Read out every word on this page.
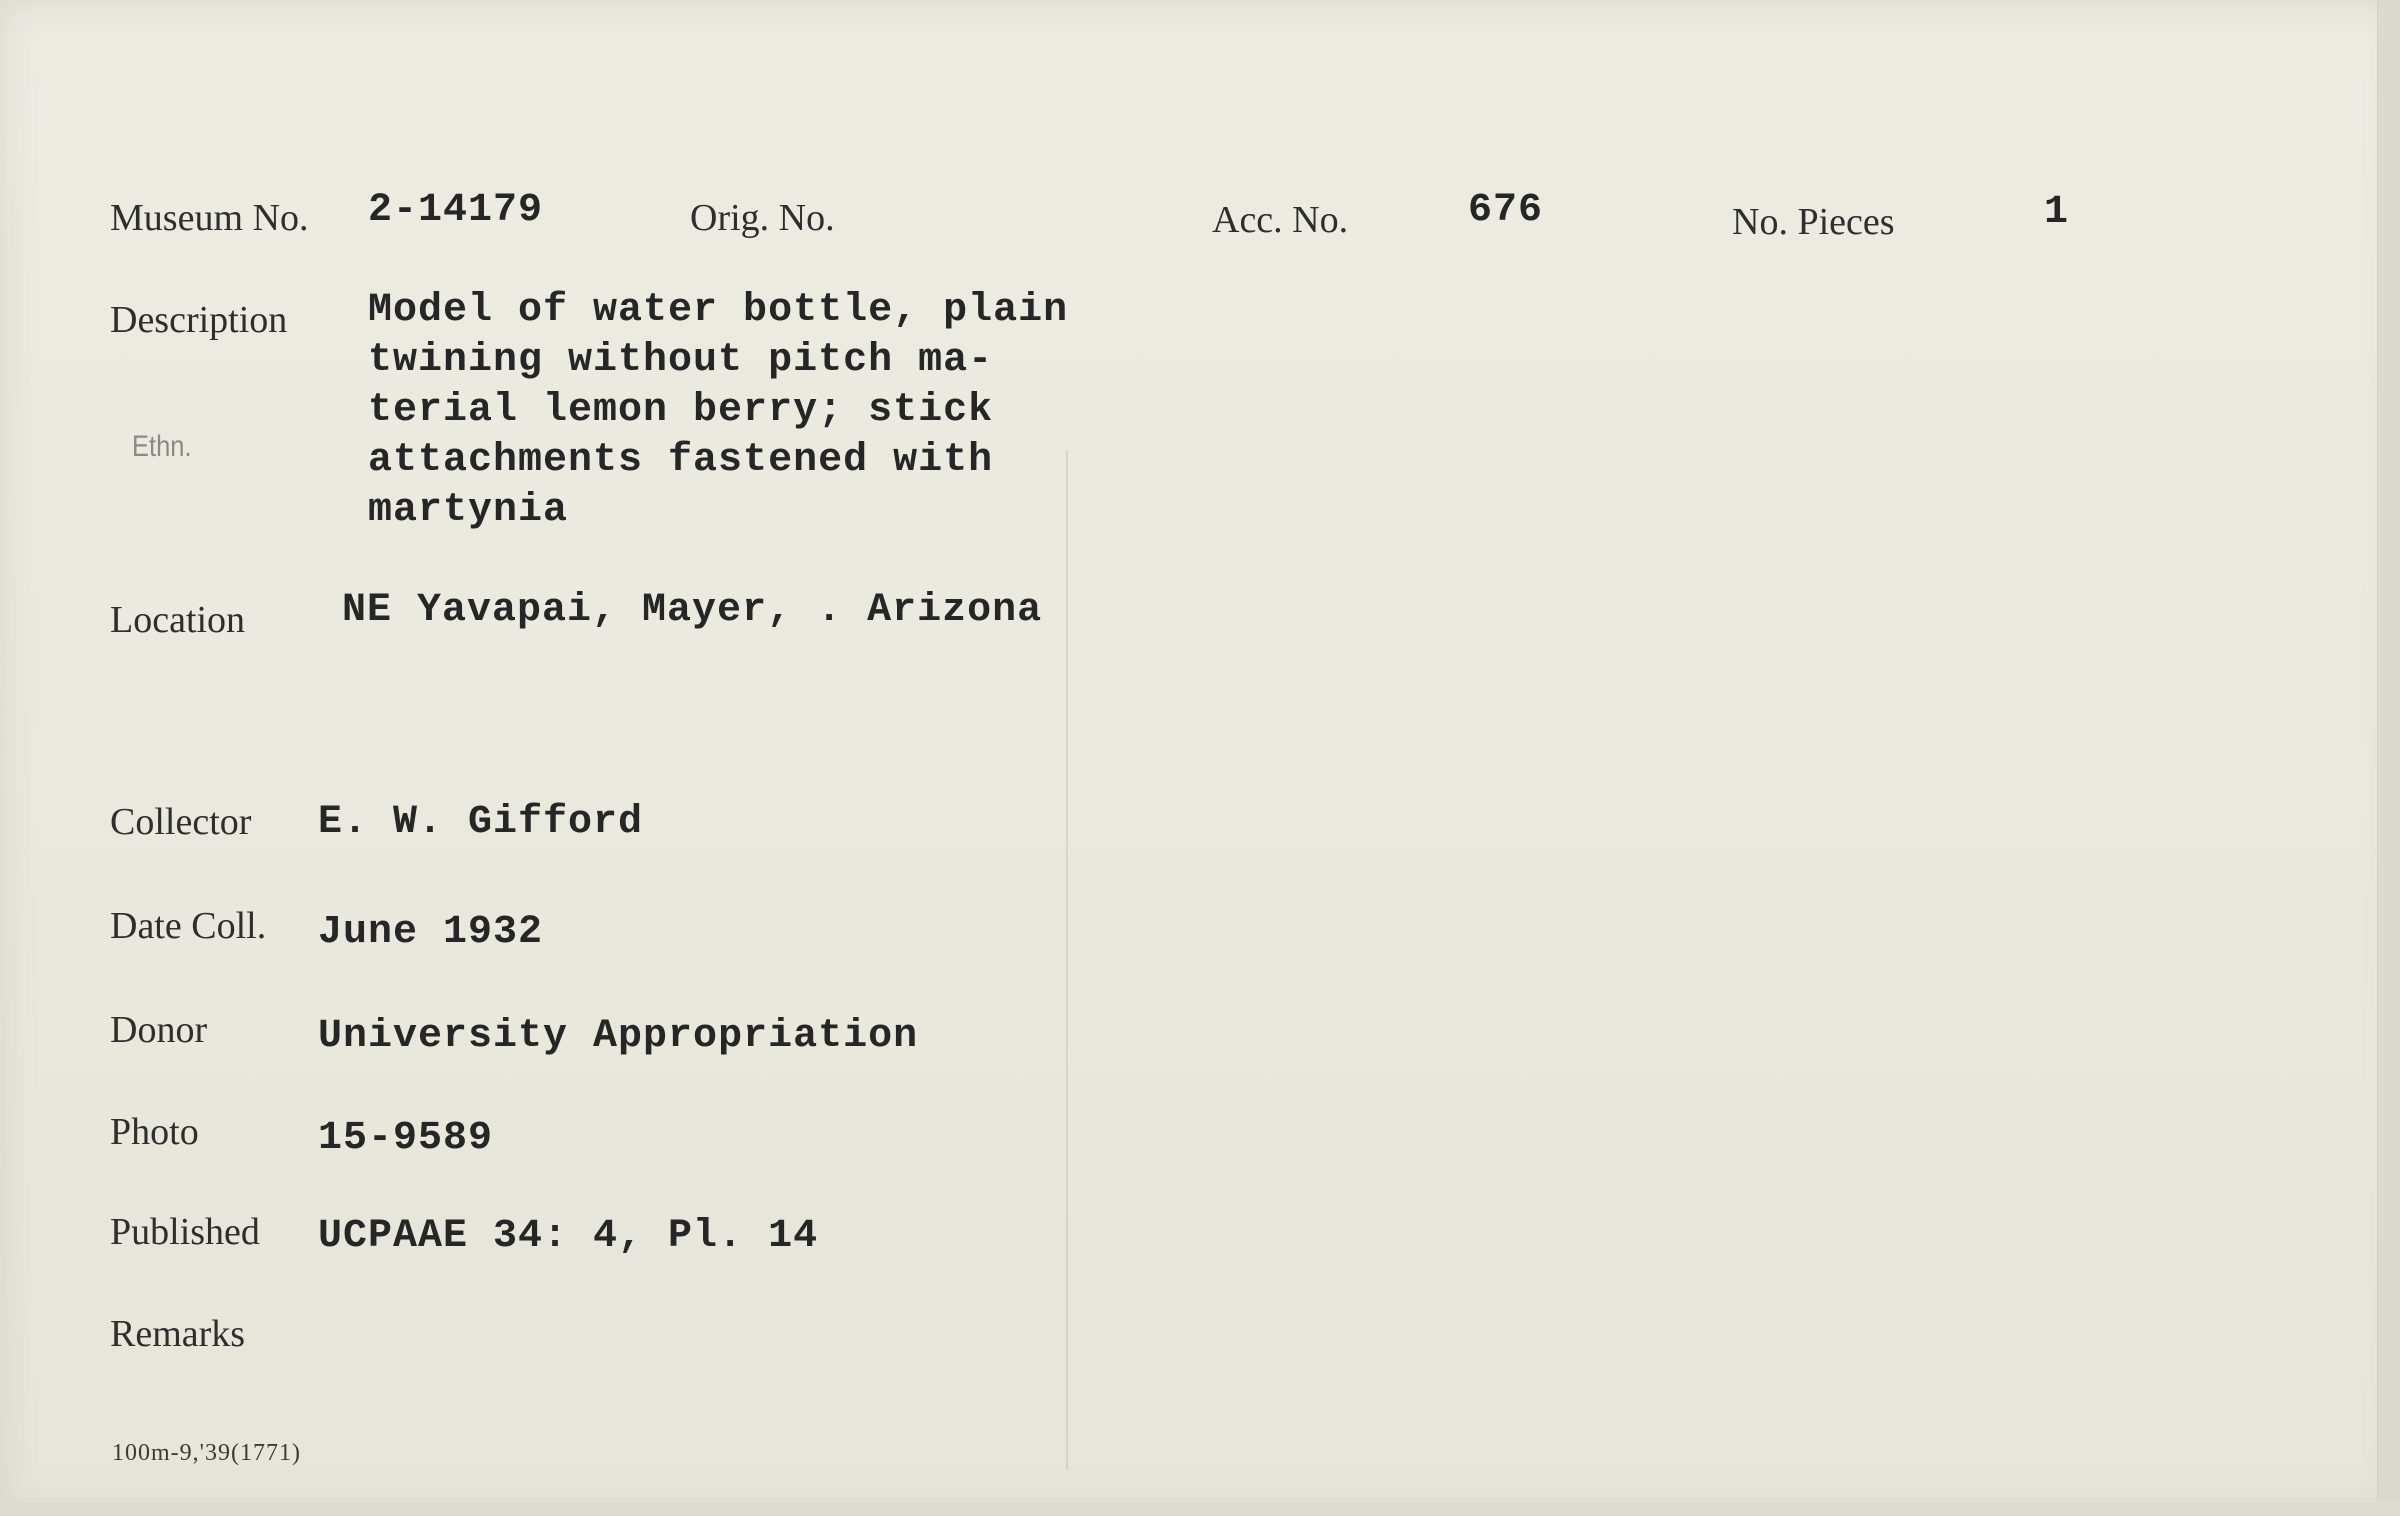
Museum No. 2-14179	Orig. No.	Acc. No.	676	No. Pieces	1
Description Model of water bottle, plain
twining without pitch ma-
terial lemon berry; stick
attachments fastened with
martynia
Ethn.
Location NE Yavapai, Mayer, . Arizona
Collector E. W. Gifford
Date Coll. June 1932
Donor	University Appropriation
Photo	15-9589
Published UCPAAE 34: 4, Pl. 14
Remarks
100m-9,'39(1771)
